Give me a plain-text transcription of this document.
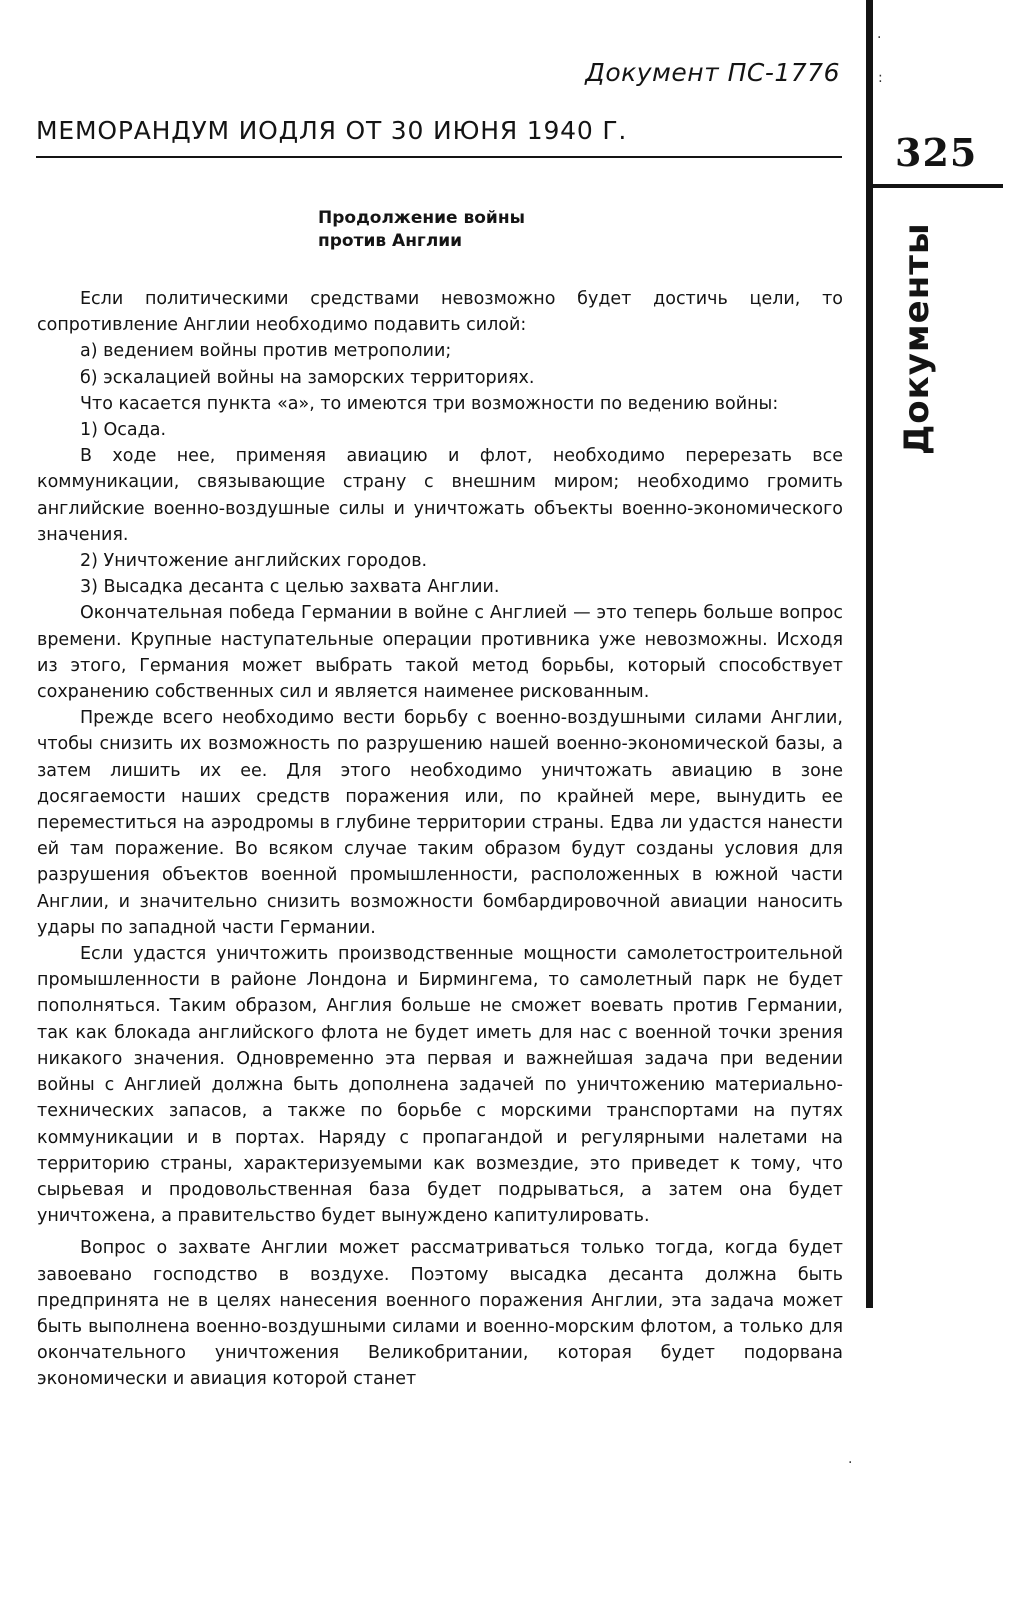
Документ ПС-1776
МЕМОРАНДУМ ИОДЛЯ ОТ 30 ИЮНЯ 1940 Г.
Продолжение войны
против Англии

Если политическими средствами невозможно будет достичь цели, то сопротивление Англии необходимо подавить силой:

а) ведением войны против метрополии;

б) эскалацией войны на заморских территориях.

Что касается пункта «а», то имеются три возможности по ведению войны:

1) Осада.

В ходе нее, применяя авиацию и флот, необходимо перерезать все коммуникации, связывающие страну с внешним миром; необходимо громить английские военно-воздушные силы и уничтожать объекты военно-экономического значения.

2) Уничтожение английских городов.

3) Высадка десанта с целью захвата Англии.

Окончательная победа Германии в войне с Англией — это теперь больше вопрос времени. Крупные наступательные операции противника уже невозможны. Исходя из этого, Германия может выбрать такой метод борьбы, который способствует сохранению собственных сил и является наименее рискованным.

Прежде всего необходимо вести борьбу с военно-воздушными силами Англии, чтобы снизить их возможность по разрушению нашей военно-экономической базы, а затем лишить их ее. Для этого необходимо уничтожать авиацию в зоне досягаемости наших средств поражения или, по крайней мере, вынудить ее переместиться на аэродромы в глубине территории страны. Едва ли удастся нанести ей там поражение. Во всяком случае таким образом будут созданы условия для разрушения объектов военной промышленности, расположенных в южной части Англии, и значительно снизить возможности бомбардировочной авиации наносить удары по западной части Германии.

Если удастся уничтожить производственные мощности самолетостроительной промышленности в районе Лондона и Бирмингема, то самолетный парк не будет пополняться. Таким образом, Англия больше не сможет воевать против Германии, так как блокада английского флота не будет иметь для нас с военной точки зрения никакого значения. Одновременно эта первая и важнейшая задача при ведении войны с Англией должна быть дополнена задачей по уничтожению материально-технических запасов, а также по борьбе с морскими транспортами на путях коммуникации и в портах. Наряду с пропагандой и регулярными налетами на территорию страны, характеризуемыми как возмездие, это приведет к тому, что сырьевая и продовольственная база будет подрываться, а затем она будет уничтожена, а правительство будет вынуждено капитулировать.

Вопрос о захвате Англии может рассматриваться только тогда, когда будет завоевано господство в воздухе. Поэтому высадка десанта должна быть предпринята не в целях нанесения военного поражения Англии, эта задача может быть выполнена военно-воздушными силами и военно-морским флотом, а только для окончательного уничтожения Великобритании, которая будет подорвана экономически и авиация которой станет

325
Документы
·
:
·
